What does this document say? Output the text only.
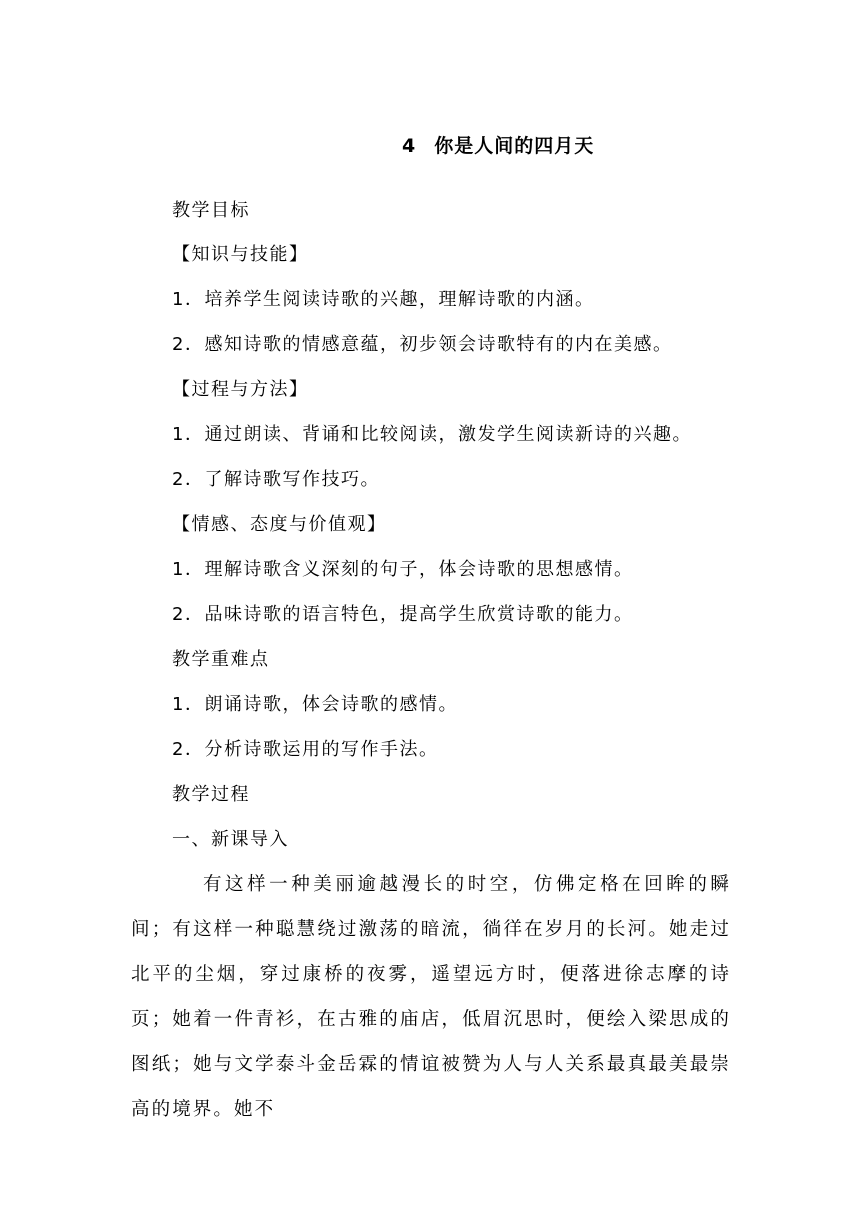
4 你是人间的四月天
教学目标
【知识与技能】
1．培养学生阅读诗歌的兴趣，理解诗歌的内涵。
2．感知诗歌的情感意蕴，初步领会诗歌特有的内在美感。
【过程与方法】
1．通过朗读、背诵和比较阅读，激发学生阅读新诗的兴趣。
2．了解诗歌写作技巧。
【情感、态度与价值观】
1．理解诗歌含义深刻的句子，体会诗歌的思想感情。
2．品味诗歌的语言特色，提高学生欣赏诗歌的能力。
教学重难点
1．朗诵诗歌，体会诗歌的感情。
2．分析诗歌运用的写作手法。
教学过程
一、新课导入
有这样一种美丽逾越漫长的时空，仿佛定格在回眸的瞬间；有这样一种聪慧绕过激荡的暗流，徜徉在岁月的长河。她走过北平的尘烟，穿过康桥的夜雾，遥望远方时，便落进徐志摩的诗页；她着一件青衫，在古雅的庙店，低眉沉思时，便绘入梁思成的图纸；她与文学泰斗金岳霖的情谊被赞为人与人关系最真最美最崇高的境界。她不
